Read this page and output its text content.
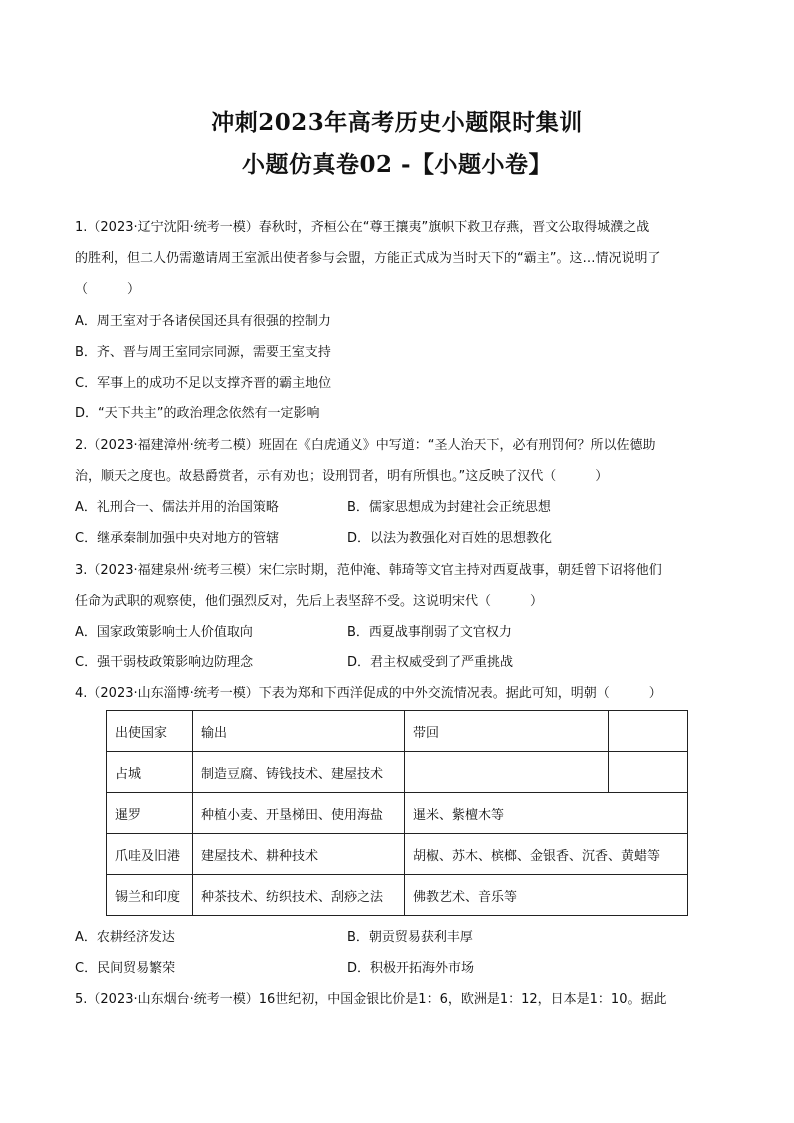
冲刺2023年高考历史小题限时集训
小题仿真卷02 -【小题小卷】
1.（2023·辽宁沈阳·统考一模）春秋时，齐桓公在“尊王攘夷”旗帜下救卫存燕，晋文公取得城濮之战
的胜利，但二人仍需邀请周王室派出使者参与会盟，方能正式成为当时天下的“霸主”。这…情况说明了
（　　　）
A．周王室对于各诸侯国还具有很强的控制力
B．齐、晋与周王室同宗同源，需要王室支持
C．军事上的成功不足以支撑齐晋的霸主地位
D．“天下共主”的政治理念依然有一定影响
2.（2023·福建漳州·统考二模）班固在《白虎通义》中写道：“圣人治天下，必有刑罚何？所以佐德助
治，顺天之度也。故悬爵赏者，示有劝也；设刑罚者，明有所惧也。”这反映了汉代（　　　）
A．礼刑合一、儒法并用的治国策略	B．儒家思想成为封建社会正统思想
C．继承秦制加强中央对地方的管辖	D．以法为教强化对百姓的思想教化
3.（2023·福建泉州·统考三模）宋仁宗时期，范仲淹、韩琦等文官主持对西夏战事，朝廷曾下诏将他们
任命为武职的观察使，他们强烈反对，先后上表坚辞不受。这说明宋代（　　　）
A．国家政策影响士人价值取向	B．西夏战事削弱了文官权力
C．强干弱枝政策影响边防理念	D．君主权威受到了严重挑战
4.（2023·山东淄博·统考一模）下表为郑和下西洋促成的中外交流情况表。据此可知，明朝（　　　）
出使国家	输出	带回	
占城	制造豆腐、铸钱技术、建屋技术		
暹罗	种植小麦、开垦梯田、使用海盐	暹米、紫檀木等	
爪哇及旧港	建屋技术、耕种技术	胡椒、苏木、槟榔、金银香、沉香、黄蜡等	
锡兰和印度	种茶技术、纺织技术、刮痧之法	佛教艺术、音乐等	
A．农耕经济发达	B．朝贡贸易获利丰厚
C．民间贸易繁荣	D．积极开拓海外市场
5.（2023·山东烟台·统考一模）16世纪初，中国金银比价是1：6，欧洲是1：12，日本是1：10。据此
